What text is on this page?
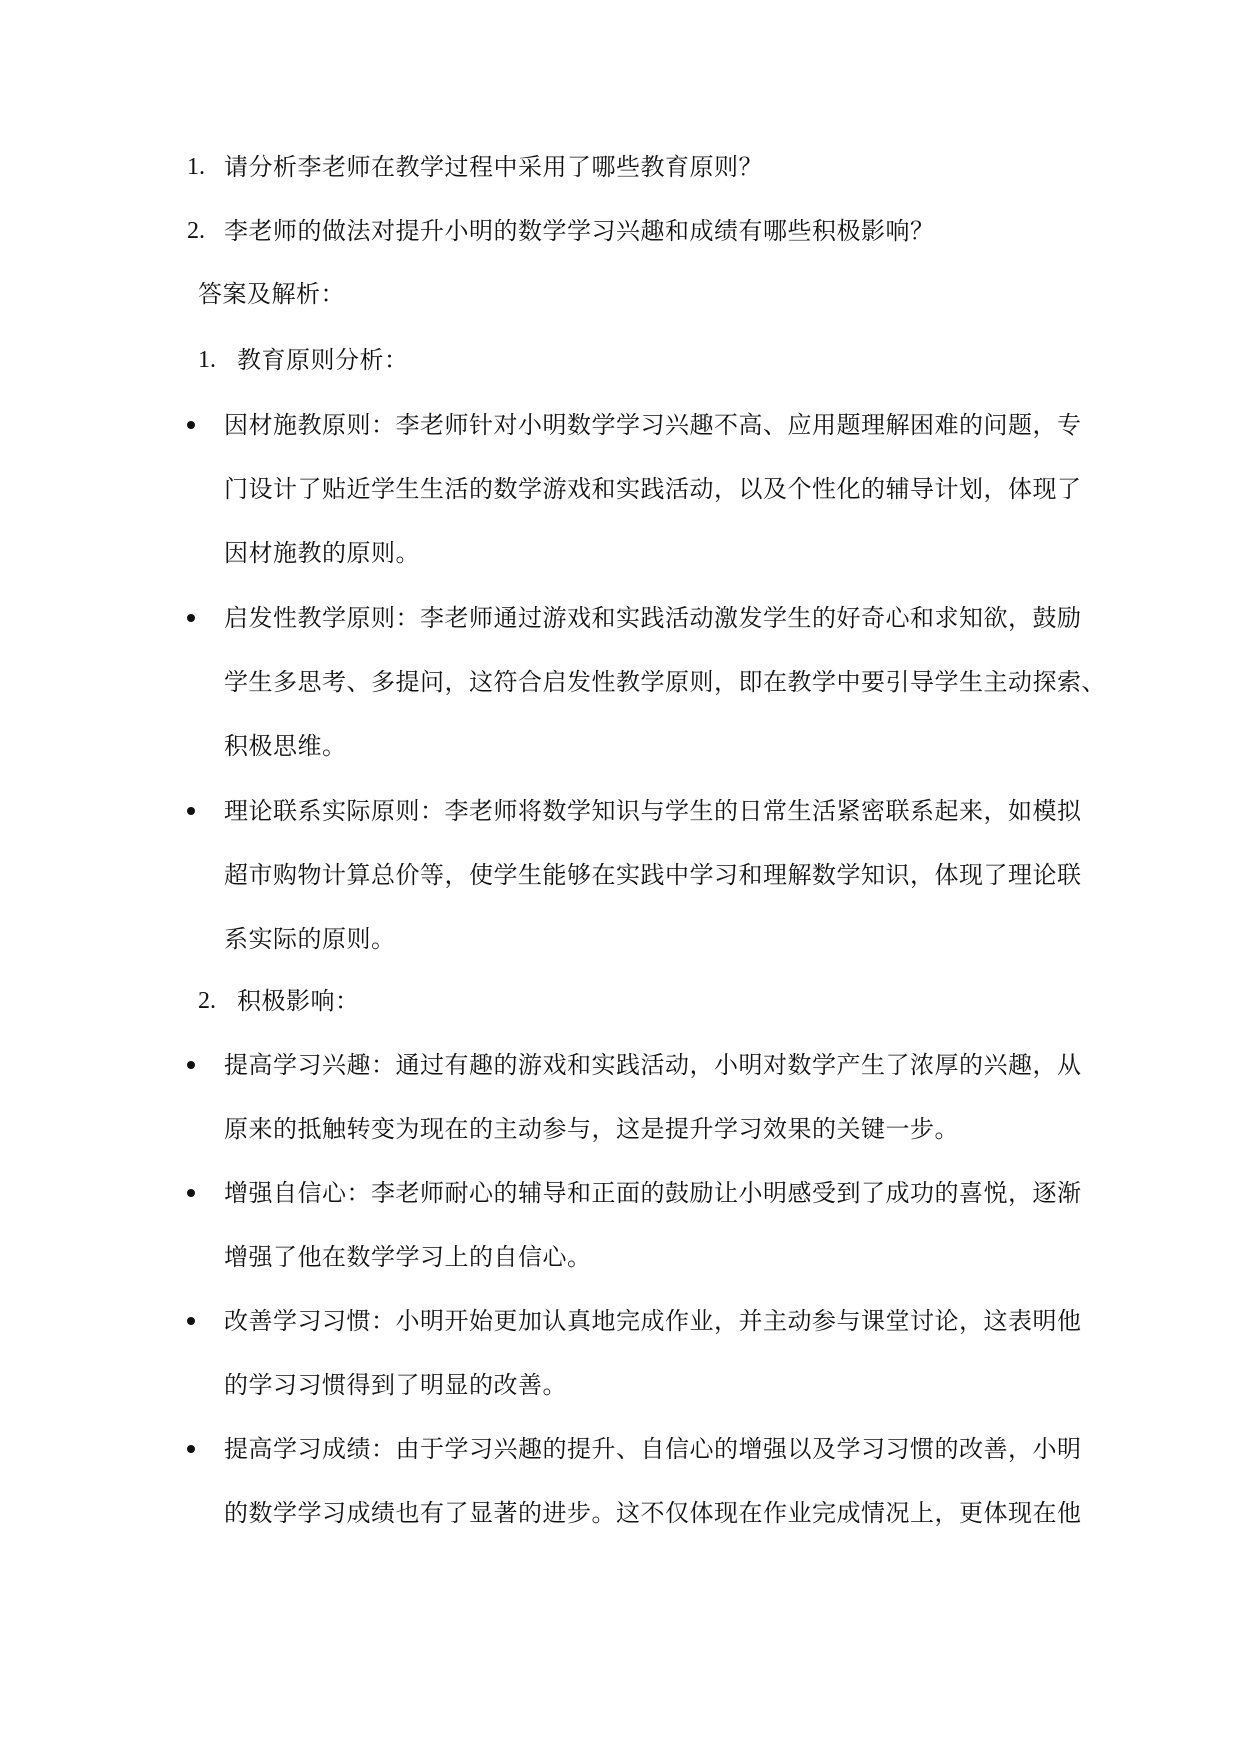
1. 请分析李老师在教学过程中采用了哪些教育原则？
2. 李老师的做法对提升小明的数学学习兴趣和成绩有哪些积极影响？
答案及解析：
1. 教育原则分析：
因材施教原则：李老师针对小明数学学习兴趣不高、应用题理解困难的问题，专
门设计了贴近学生生活的数学游戏和实践活动，以及个性化的辅导计划，体现了
因材施教的原则。
启发性教学原则：李老师通过游戏和实践活动激发学生的好奇心和求知欲，鼓励
学生多思考、多提问，这符合启发性教学原则，即在教学中要引导学生主动探索、
积极思维。
理论联系实际原则：李老师将数学知识与学生的日常生活紧密联系起来，如模拟
超市购物计算总价等，使学生能够在实践中学习和理解数学知识，体现了理论联
系实际的原则。
2. 积极影响：
提高学习兴趣：通过有趣的游戏和实践活动，小明对数学产生了浓厚的兴趣，从
原来的抵触转变为现在的主动参与，这是提升学习效果的关键一步。
增强自信心：李老师耐心的辅导和正面的鼓励让小明感受到了成功的喜悦，逐渐
增强了他在数学学习上的自信心。
改善学习习惯：小明开始更加认真地完成作业，并主动参与课堂讨论，这表明他
的学习习惯得到了明显的改善。
提高学习成绩：由于学习兴趣的提升、自信心的增强以及学习习惯的改善，小明
的数学学习成绩也有了显著的进步。这不仅体现在作业完成情况上，更体现在他
